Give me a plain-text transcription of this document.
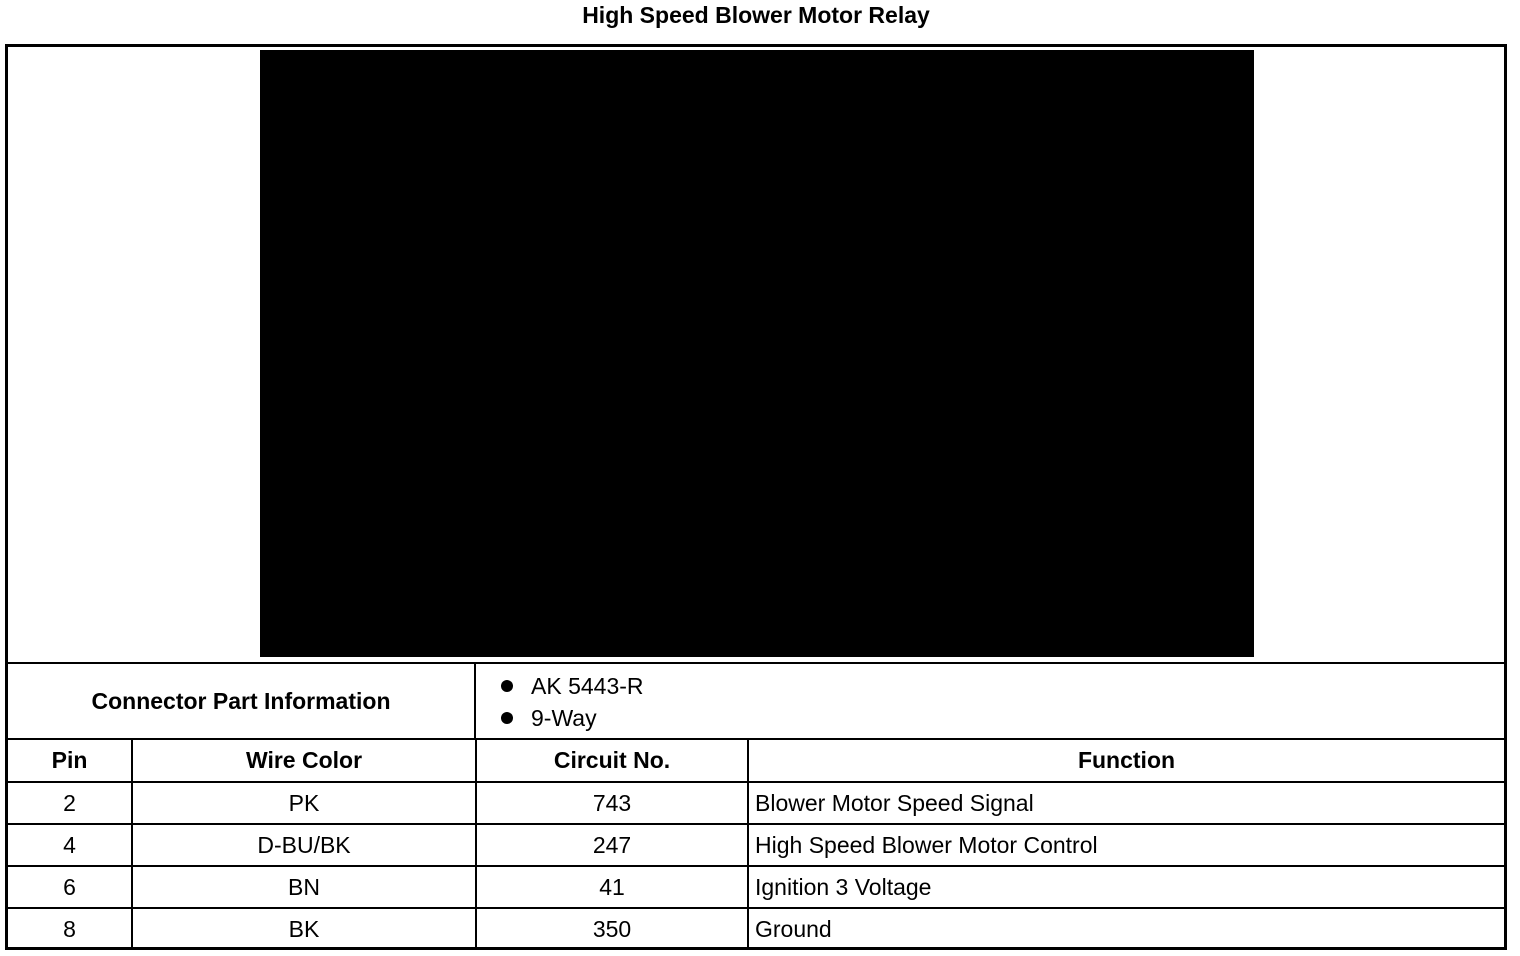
High Speed Blower Motor Relay
Connector Part Information
AK 5443-R
9-Way
Pin	Wire Color	Circuit No.	Function
2	PK	743	Blower Motor Speed Signal
4	D-BU/BK	247	High Speed Blower Motor Control
6	BN	41	Ignition 3 Voltage
8	BK	350	Ground
